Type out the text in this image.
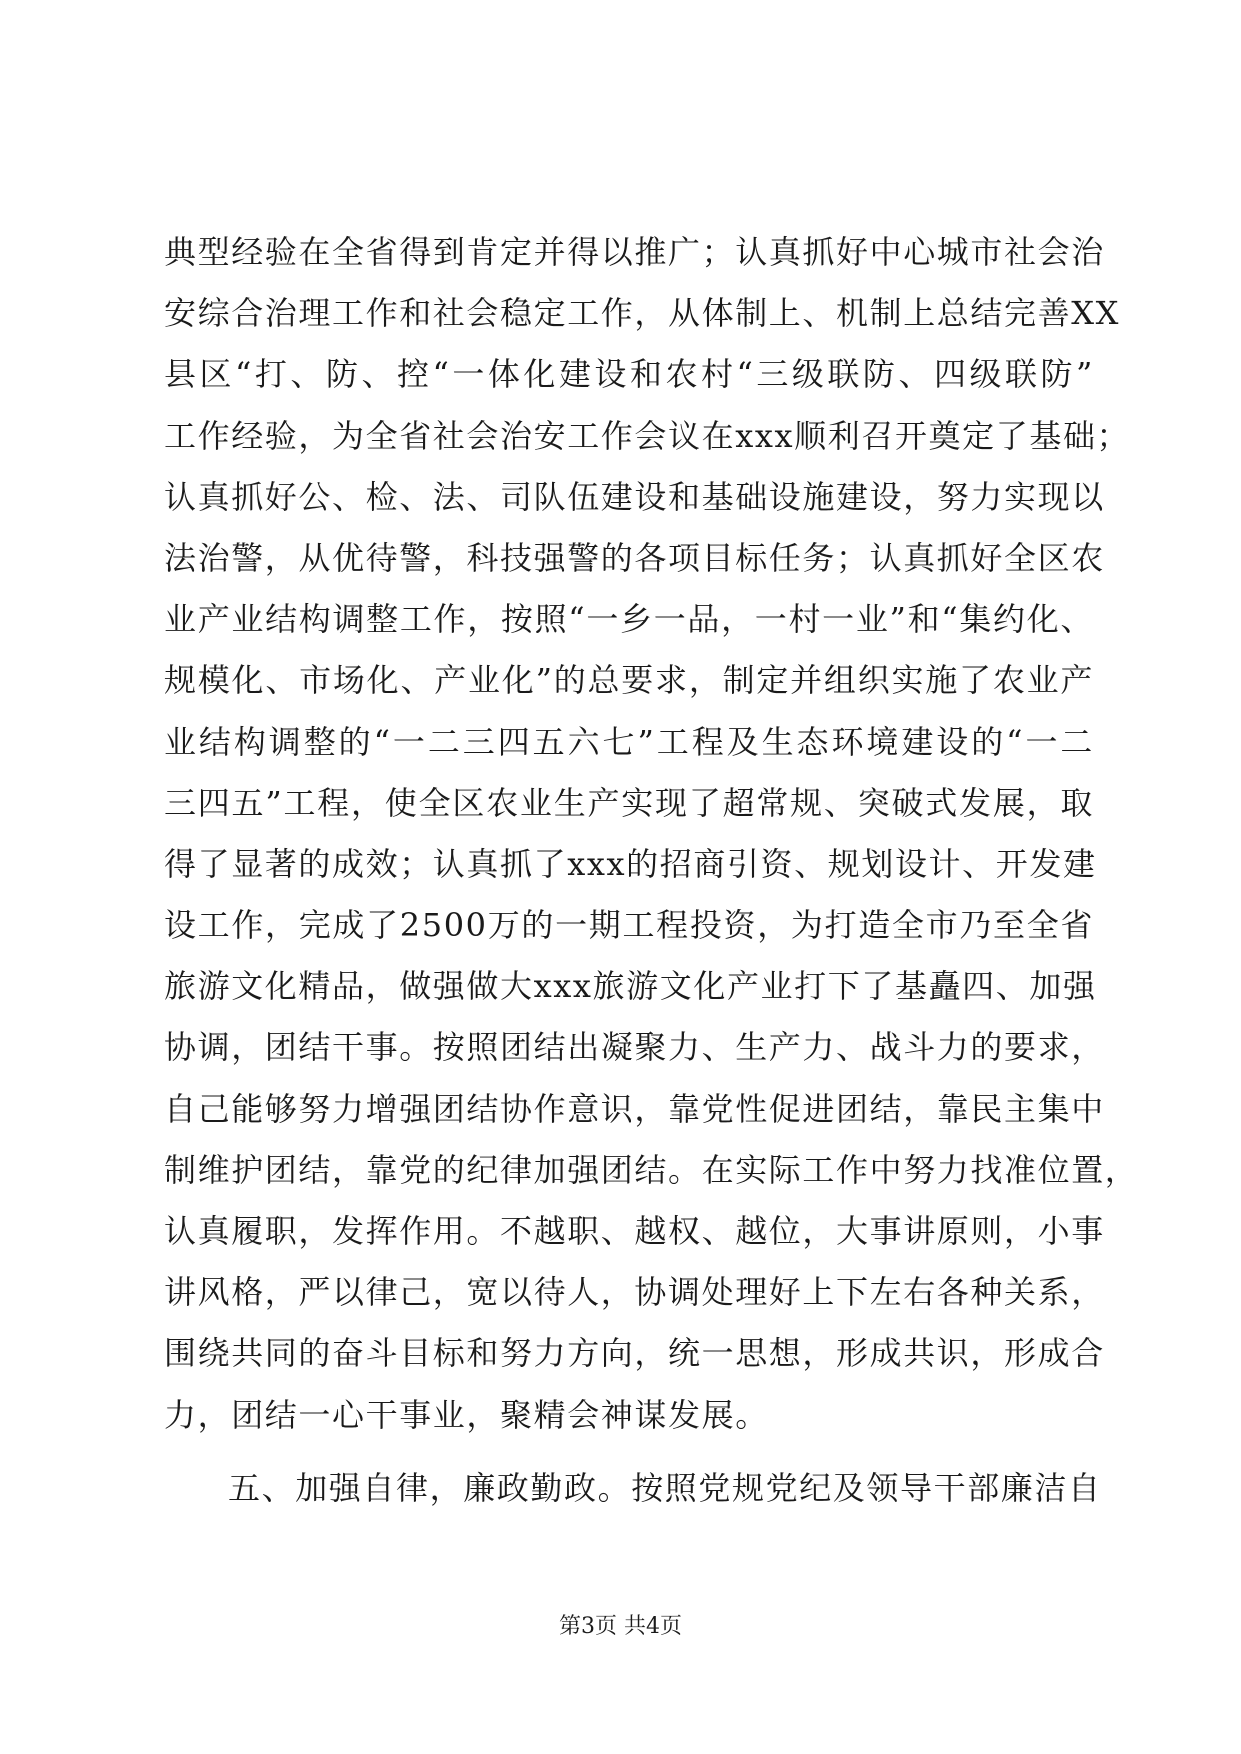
典型经验在全省得到肯定并得以推广；认真抓好中心城市社会治
安综合治理工作和社会稳定工作，从体制上、机制上总结完善XX
县区“打、防、控“一体化建设和农村“三级联防、四级联防”
工作经验，为全省社会治安工作会议在xxx顺利召开奠定了基础；
认真抓好公、检、法、司队伍建设和基础设施建设，努力实现以
法治警，从优待警，科技强警的各项目标任务；认真抓好全区农
业产业结构调整工作，按照“一乡一品，一村一业”和“集约化、
规模化、市场化、产业化”的总要求，制定并组织实施了农业产
业结构调整的“一二三四五六七”工程及生态环境建设的“一二
三四五”工程，使全区农业生产实现了超常规、突破式发展，取
得了显著的成效；认真抓了xxx的招商引资、规划设计、开发建
设工作，完成了2500万的一期工程投资，为打造全市乃至全省
旅游文化精品，做强做大xxx旅游文化产业打下了基矗四、加强
协调，团结干事。按照团结出凝聚力、生产力、战斗力的要求，
自己能够努力增强团结协作意识，靠党性促进团结，靠民主集中
制维护团结，靠党的纪律加强团结。在实际工作中努力找准位置，
认真履职，发挥作用。不越职、越权、越位，大事讲原则，小事
讲风格，严以律己，宽以待人，协调处理好上下左右各种关系，
围绕共同的奋斗目标和努力方向，统一思想，形成共识，形成合
力，团结一心干事业，聚精会神谋发展。
五、加强自律，廉政勤政。按照党规党纪及领导干部廉洁自
第3页 共4页
